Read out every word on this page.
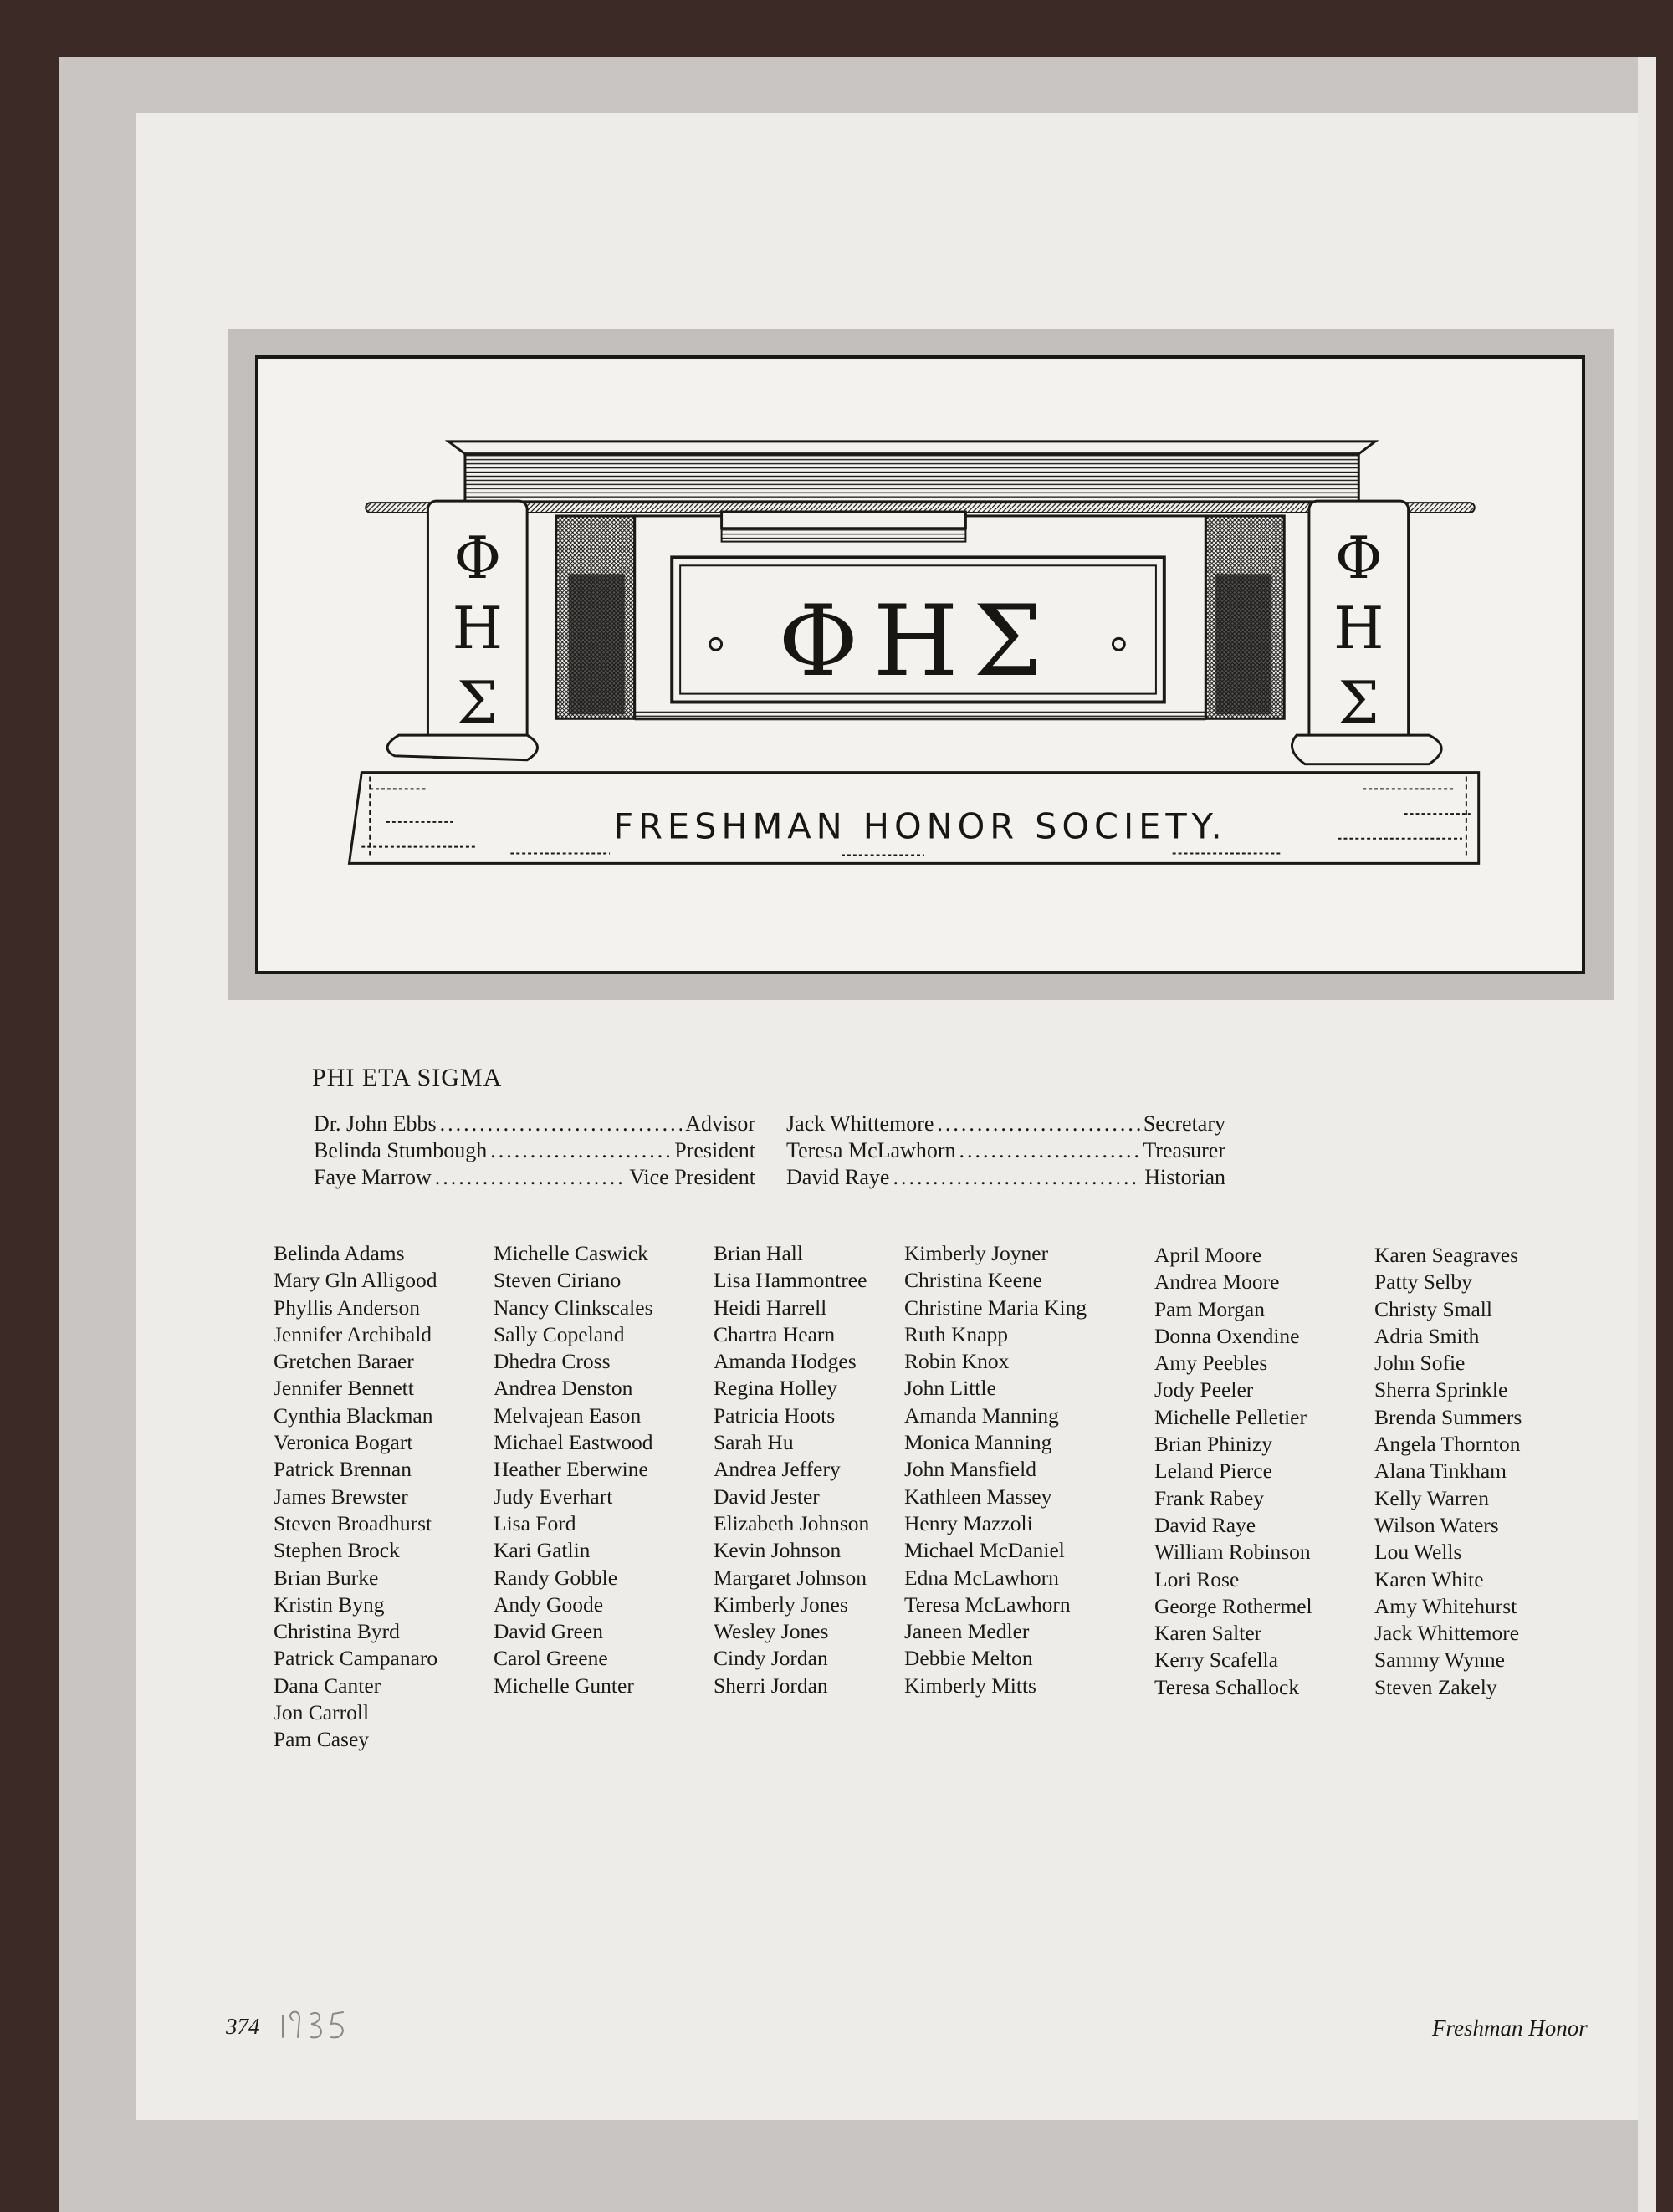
ΦΗΣ
Φ
Η
Σ
Φ
Η
Σ
FRESHMAN HONOR SOCIETY.
PHI ETA SIGMA
Dr. John Ebbs .....	Advisor
Belinda Stumbough .....	President
Faye Marrow .....	Vice President
Jack Whittemore .....	Secretary
Teresa McLawhorn .....	Treasurer
David Raye .....	Historian
Belinda Adams
Mary Gln Alligood
Phyllis Anderson
Jennifer Archibald
Gretchen Baraer
Jennifer Bennett
Cynthia Blackman
Veronica Bogart
Patrick Brennan
James Brewster
Steven Broadhurst
Stephen Brock
Brian Burke
Kristin Byng
Christina Byrd
Patrick Campanaro
Dana Canter
Jon Carroll
Pam Casey
Michelle Caswick
Steven Ciriano
Nancy Clinkscales
Sally Copeland
Dhedra Cross
Andrea Denston
Melvajean Eason
Michael Eastwood
Heather Eberwine
Judy Everhart
Lisa Ford
Kari Gatlin
Randy Gobble
Andy Goode
David Green
Carol Greene
Michelle Gunter
Brian Hall
Lisa Hammontree
Heidi Harrell
Chartra Hearn
Amanda Hodges
Regina Holley
Patricia Hoots
Sarah Hu
Andrea Jeffery
David Jester
Elizabeth Johnson
Kevin Johnson
Margaret Johnson
Kimberly Jones
Wesley Jones
Cindy Jordan
Sherri Jordan
Kimberly Joyner
Christina Keene
Christine Maria King
Ruth Knapp
Robin Knox
John Little
Amanda Manning
Monica Manning
John Mansfield
Kathleen Massey
Henry Mazzoli
Michael McDaniel
Edna McLawhorn
Teresa McLawhorn
Janeen Medler
Debbie Melton
Kimberly Mitts
April Moore
Andrea Moore
Pam Morgan
Donna Oxendine
Amy Peebles
Jody Peeler
Michelle Pelletier
Brian Phinizy
Leland Pierce
Frank Rabey
David Raye
William Robinson
Lori Rose
George Rothermel
Karen Salter
Kerry Scafella
Teresa Schallock
Karen Seagraves
Patty Selby
Christy Small
Adria Smith
John Sofie
Sherra Sprinkle
Brenda Summers
Angela Thornton
Alana Tinkham
Kelly Warren
Wilson Waters
Lou Wells
Karen White
Amy Whitehurst
Jack Whittemore
Sammy Wynne
Steven Zakely
374	Freshman Honor
